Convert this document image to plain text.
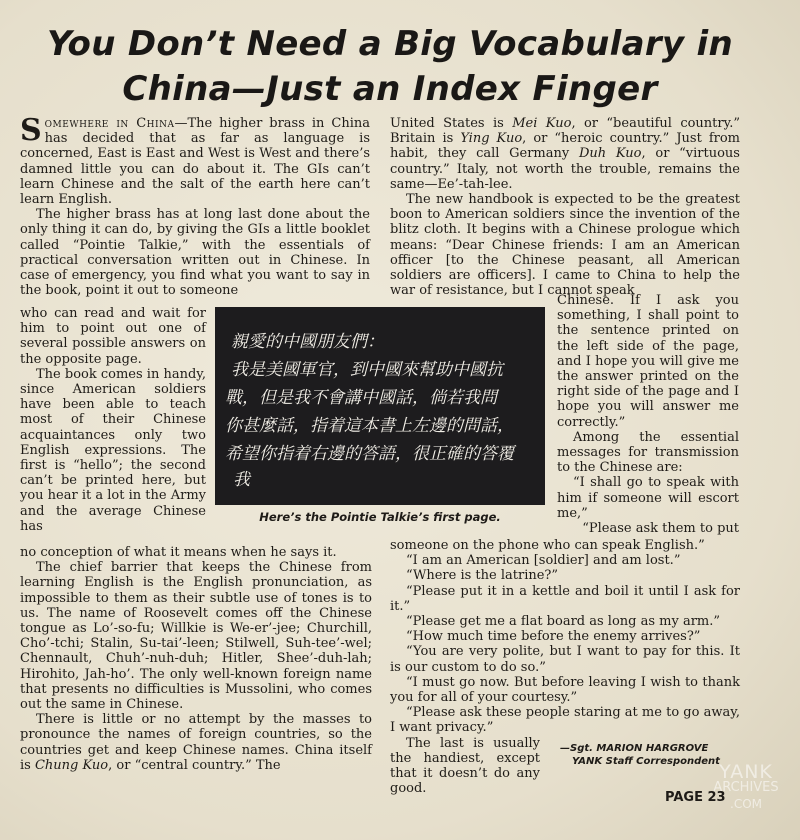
You Don’t Need a Big Vocabulary in
China—Just an Index Finger

Somewhere in China—The higher brass in China has decided that as far as language is concerned, East is East and West is West and there’s damned little you can do about it. The GIs can’t learn Chinese and the salt of the earth here can’t learn English.

The higher brass has at long last done about the only thing it can do, by giving the GIs a little booklet called “Pointie Talkie,” with the essentials of practical conversation written out in Chinese. In case of emergency, you find what you want to say in the book, point it out to someone

who can read and wait for him to point out one of several possible answers on the opposite page.

The book comes in handy, since American soldiers have been able to teach most of their Chinese acquaintances only two English expressions. The first is “hello”; the second can’t be printed here, but you hear it a lot in the Army and the average Chinese has

no conception of what it means when he says it.

The chief barrier that keeps the Chinese from learning English is the English pronunciation, as impossible to them as their subtle use of tones is to us. The name of Roosevelt comes off the Chinese tongue as Lo’-so-fu; Willkie is We-er’-jee; Churchill, Cho’-tchi; Stalin, Su-tai’-leen; Stilwell, Suh-tee’-wel; Chennault, Chuh’-nuh-duh; Hitler, Shee’-duh-lah; Hirohito, Jah-ho’. The only well-known foreign name that presents no difficulties is Mussolini, who comes out the same in Chinese.

There is little or no attempt by the masses to pronounce the names of foreign countries, so the countries get and keep Chinese names. China itself is Chung Kuo, or “central country.” The

United States is Mei Kuo, or “beautiful country.” Britain is Ying Kuo, or “heroic country.” Just from habit, they call Germany Duh Kuo, or “virtuous country.” Italy, not worth the trouble, remains the same—Ee’-tah-lee.

The new handbook is expected to be the greatest boon to American soldiers since the invention of the blitz cloth. It begins with a Chinese prologue which means: “Dear Chinese friends: I am an American officer [to the Chinese peasant, all American soldiers are officers]. I came to China to help the war of resistance, but I cannot speak

Chinese. If I ask you something, I shall point to the sentence printed on the left side of the page, and I hope you will give me the answer printed on the right side of the page and I hope you will answer me correctly.”

Among the essential messages for transmission to the Chinese are:

“I shall go to speak with him if someone will escort me,”

“Please ask them to put

someone on the phone who can speak English.”

“I am an American [soldier] and am lost.”

“Where is the latrine?”

“Please put it in a kettle and boil it until I ask for it.”

“Please get me a flat board as long as my arm.”

“How much time before the enemy arrives?”

“You are very polite, but I want to pay for this. It is our custom to do so.”

“I must go now. But before leaving I wish to thank you for all of your courtesy.”

“Please ask these people staring at me to go away, I want privacy.”

The last is usually the handiest, except that it doesn’t do any good.

親愛的中國朋友們：
我是美國軍官，到中國來幫助中國抗
戰，但是我不會講中國話，倘若我問
你甚麼話，指着這本書上左邊的問話，
希望你指着右邊的答語，很正確的答覆
我
Here’s the Pointie Talkie’s first page.
—Sgt. MARION HARGROVE
YANK Staff Correspondent
PAGE 23
YANK
ARCHIVES
.COM
